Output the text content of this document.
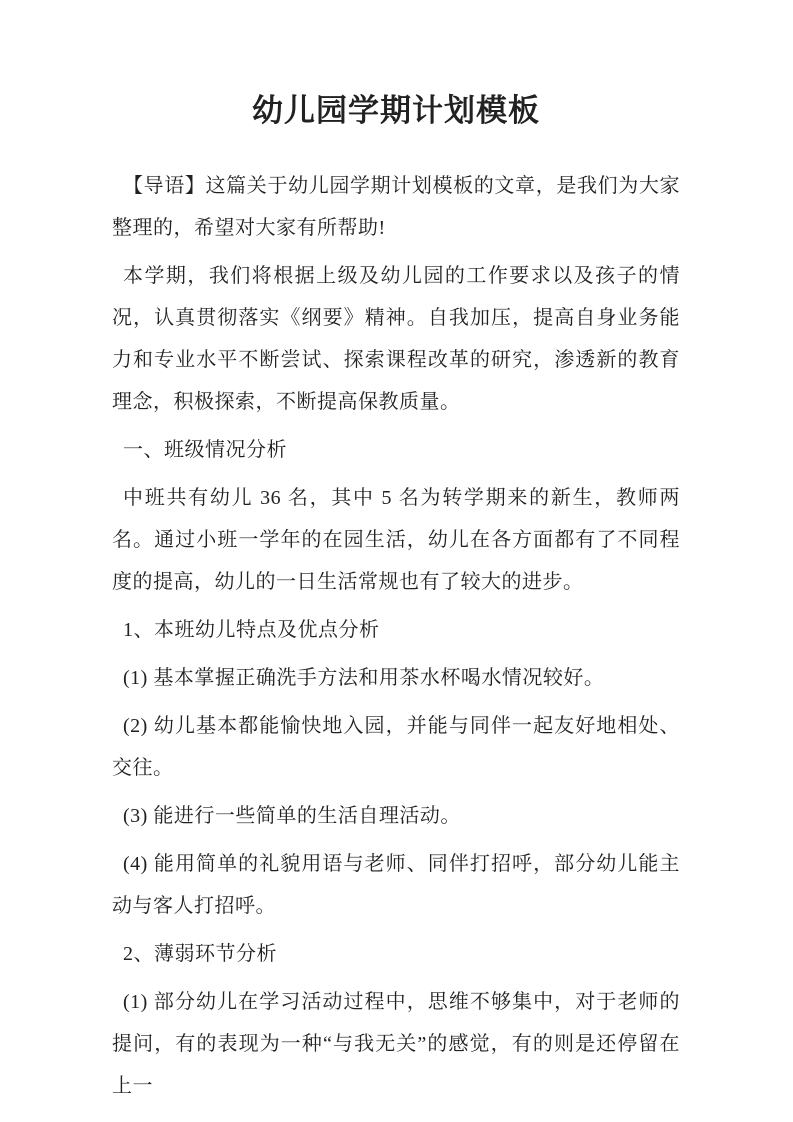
幼儿园学期计划模板

【导语】这篇关于幼儿园学期计划模板的文章，是我们为大家整理的，希望对大家有所帮助!

本学期，我们将根据上级及幼儿园的工作要求以及孩子的情况，认真贯彻落实《纲要》精神。自我加压，提高自身业务能力和专业水平不断尝试、探索课程改革的研究，渗透新的教育理念，积极探索，不断提高保教质量。

一、班级情况分析

中班共有幼儿 36 名，其中 5 名为转学期来的新生，教师两名。通过小班一学年的在园生活，幼儿在各方面都有了不同程度的提高，幼儿的一日生活常规也有了较大的进步。

1、本班幼儿特点及优点分析

(1) 基本掌握正确洗手方法和用茶水杯喝水情况较好。

(2) 幼儿基本都能愉快地入园，并能与同伴一起友好地相处、交往。

(3) 能进行一些简单的生活自理活动。

(4) 能用简单的礼貌用语与老师、同伴打招呼，部分幼儿能主动与客人打招呼。

2、薄弱环节分析

(1) 部分幼儿在学习活动过程中，思维不够集中，对于老师的提问，有的表现为一种“与我无关”的感觉，有的则是还停留在上一
